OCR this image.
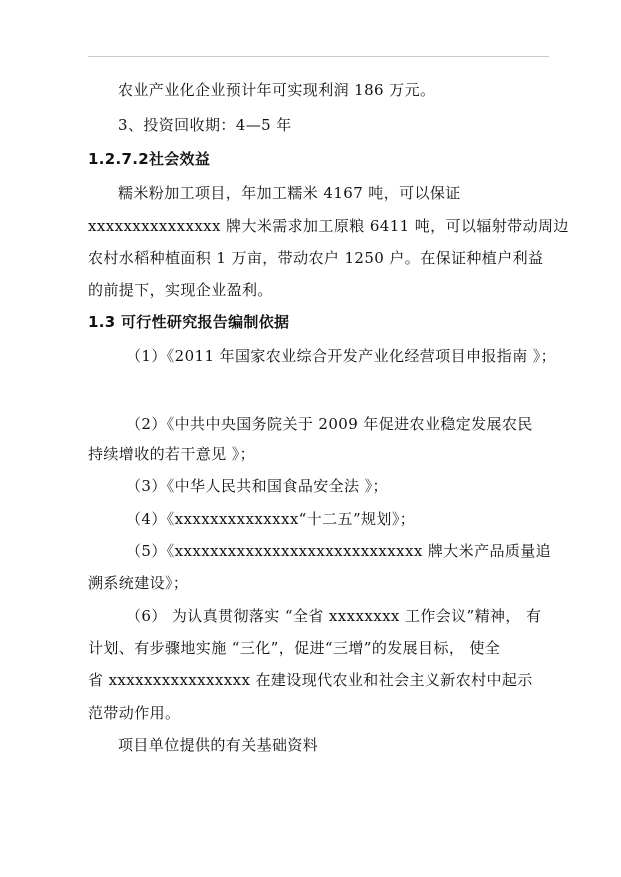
农业产业化企业预计年可实现利润 186 万元。
3、投资回收期：4—5 年
1.2.7.2社会效益
糯米粉加工项目，年加工糯米 4167 吨，可以保证
xxxxxxxxxxxxxxx 牌大米需求加工原粮 6411 吨，可以辐射带动周边
农村水稻种植面积 1 万亩，带动农户 1250 户。在保证种植户利益
的前提下，实现企业盈利。
1.3 可行性研究报告编制依据
（1）《2011 年国家农业综合开发产业化经营项目申报指南 》；
（2）《中共中央国务院关于 2009 年促进农业稳定发展农民
持续增收的若干意见 》；
（3）《中华人民共和国食品安全法 》；
（4）《xxxxxxxxxxxxxx“十二五”规划》；
（5）《xxxxxxxxxxxxxxxxxxxxxxxxxxxx 牌大米产品质量追
溯系统建设》；
（6） 为认真贯彻落实 “全省 xxxxxxxx 工作会议”精神， 有
计划、有步骤地实施 “三化”，促进“三增”的发展目标， 使全
省 xxxxxxxxxxxxxxxx 在建设现代农业和社会主义新农村中起示
范带动作用。
项目单位提供的有关基础资料
